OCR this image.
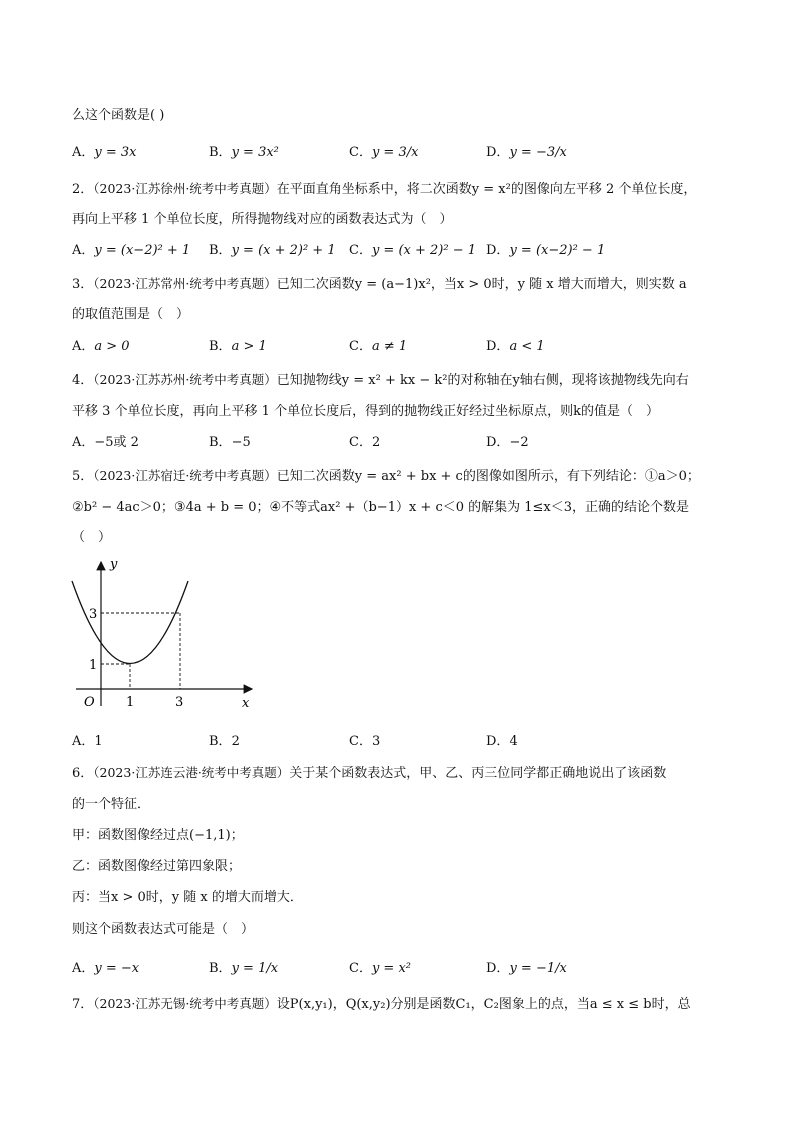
么这个函数是( )
A．y = 3x	B．y = 3x²	C．y = 3/x	D．y = −3/x
2．（2023·江苏徐州·统考中考真题）在平面直角坐标系中，将二次函数y = x²的图像向左平移 2 个单位长度，
再向上平移 1 个单位长度，所得抛物线对应的函数表达式为（　）
A．y = (x−2)² + 1 B．y = (x + 2)² + 1 C．y = (x + 2)² − 1 D．y = (x−2)² − 1
3．（2023·江苏常州·统考中考真题）已知二次函数y = (a−1)x²，当x > 0时，y 随 x 增大而增大，则实数 a
的取值范围是（　）
A．a > 0	B．a > 1	C．a ≠ 1	D．a < 1
4．（2023·江苏苏州·统考中考真题）已知抛物线y = x² + kx − k²的对称轴在y轴右侧，现将该抛物线先向右
平移 3 个单位长度，再向上平移 1 个单位长度后，得到的抛物线正好经过坐标原点，则k的值是（　）
A．−5或 2	B．−5	C．2	D．−2
5．（2023·江苏宿迁·统考中考真题）已知二次函数y = ax² + bx + c的图像如图所示，有下列结论：①a＞0；
②b² − 4ac＞0；③4a + b = 0；④不等式ax² +（b−1）x + c＜0 的解集为 1≤x＜3，正确的结论个数是
（　）
y
x
O 1	3
1
3
A．1	B．2	C．3	D．4
6．（2023·江苏连云港·统考中考真题）关于某个函数表达式，甲、乙、丙三位同学都正确地说出了该函数
的一个特征．
甲：函数图像经过点(−1,1)；
乙：函数图像经过第四象限；
丙：当x > 0时，y 随 x 的增大而增大．
则这个函数表达式可能是（　）
A．y = −x	B．y = 1/x	C．y = x²	D．y = −1/x
7．（2023·江苏无锡·统考中考真题）设P(x,y₁)，Q(x,y₂)分别是函数C₁，C₂图象上的点，当a ≤ x ≤ b时，总
